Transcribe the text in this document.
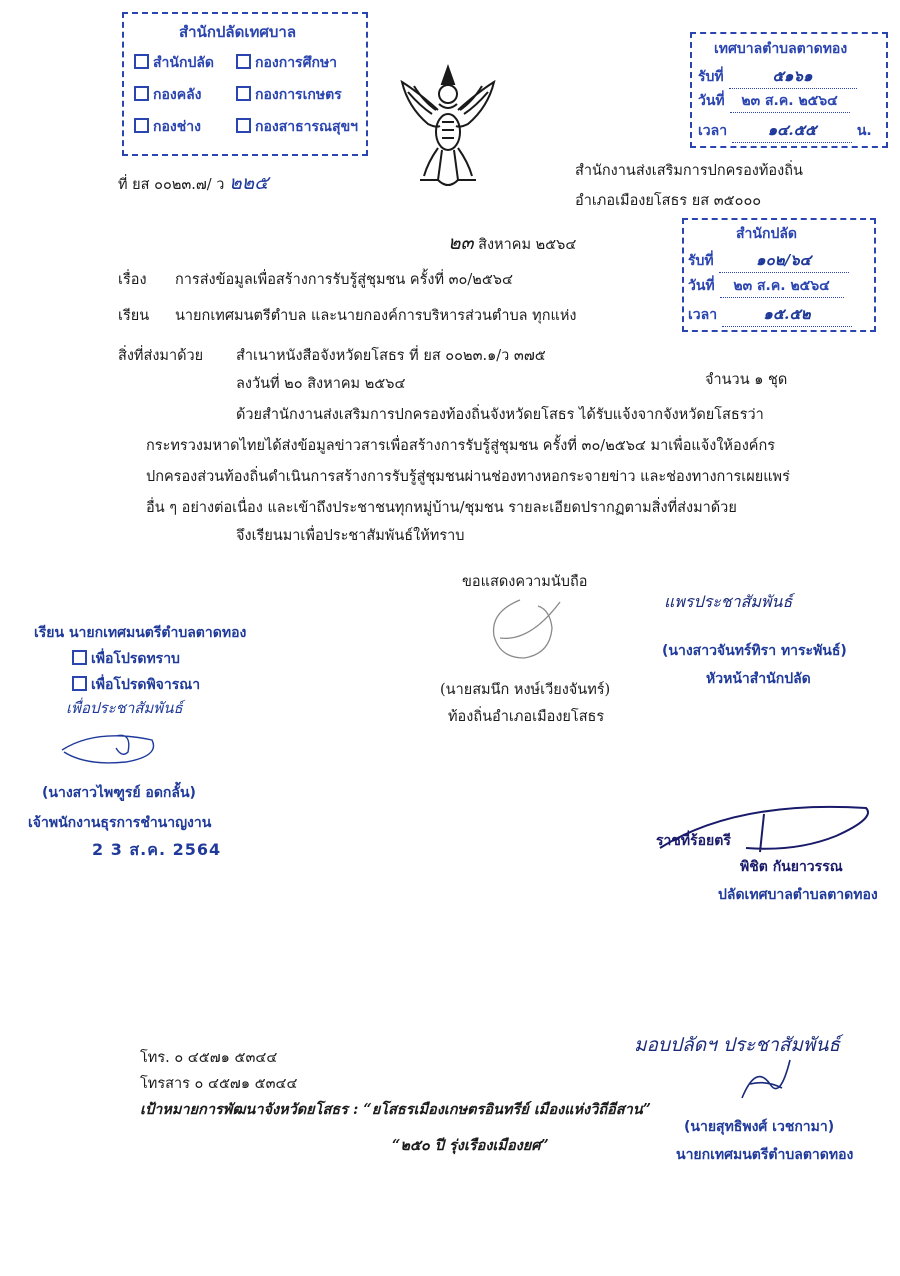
สำนักปลัดเทศบาล
สำนักปลัด	กองการศึกษา
กองคลัง	กองการเกษตร
กองช่าง	กองสาธารณสุขฯ
เทศบาลตำบลตาดทอง
รับที่	๕๑๖๑
วันที่ ๒๓ ส.ค. ๒๕๖๔
เวลา	๑๔.๕๕	น.
ที่ ยส ๐๐๒๓.๗/ ว ๒๒๕
สำนักงานส่งเสริมการปกครองท้องถิ่น
อำเภอเมืองยโสธร ยส ๓๕๐๐๐
๒๓ สิงหาคม ๒๕๖๔
สำนักปลัด
รับที่	๑๐๒/๖๔
วันที่ ๒๓ ส.ค. ๒๕๖๔
เวลา	๑๕.๕๒
เรื่อง การส่งข้อมูลเพื่อสร้างการรับรู้สู่ชุมชน ครั้งที่ ๓๐/๒๕๖๔
เรียน นายกเทศมนตรีตำบล และนายกองค์การบริหารส่วนตำบล ทุกแห่ง
สิ่งที่ส่งมาด้วย สำเนาหนังสือจังหวัดยโสธร ที่ ยส ๐๐๒๓.๑/ว ๓๗๕
ลงวันที่ ๒๐ สิงหาคม ๒๕๖๔	จำนวน ๑ ชุด
ด้วยสำนักงานส่งเสริมการปกครองท้องถิ่นจังหวัดยโสธร ได้รับแจ้งจากจังหวัดยโสธรว่า
กระทรวงมหาดไทยได้ส่งข้อมูลข่าวสารเพื่อสร้างการรับรู้สู่ชุมชน ครั้งที่ ๓๐/๒๕๖๔ มาเพื่อแจ้งให้องค์กร
ปกครองส่วนท้องถิ่นดำเนินการสร้างการรับรู้สู่ชุมชนผ่านช่องทางหอกระจายข่าว และช่องทางการเผยแพร่
อื่น ๆ อย่างต่อเนื่อง และเข้าถึงประชาชนทุกหมู่บ้าน/ชุมชน รายละเอียดปรากฏตามสิ่งที่ส่งมาด้วย
จึงเรียนมาเพื่อประชาสัมพันธ์ให้ทราบ
ขอแสดงความนับถือ
(นายสมนึก หงษ์เวียงจันทร์)
ท้องถิ่นอำเภอเมืองยโสธร
แพรประชาสัมพันธ์
(นางสาวจันทร์ทิรา ทาระพันธ์)
หัวหน้าสำนักปลัด
เรียน นายกเทศมนตรีตำบลตาดทอง
เพื่อโปรดทราบ
เพื่อโปรดพิจารณา
เพื่อประชาสัมพันธ์
(นางสาวไพฑูรย์ อดกลั้น)
เจ้าพนักงานธุรการชำนาญงาน
2 3 ส.ค. 2564	ราชที่ร้อยตรี
พิชิต กันยาวรรณ
ปลัดเทศบาลตำบลตาดทอง
มอบปลัดฯ ประชาสัมพันธ์
(นายสุทธิพงศ์ เวชกามา)
นายกเทศมนตรีตำบลตาดทอง
โทร. ๐ ๔๕๗๑ ๕๓๔๔
โทรสาร ๐ ๔๕๗๑ ๕๓๔๔
เป้าหมายการพัฒนาจังหวัดยโสธร : “ยโสธรเมืองเกษตรอินทรีย์ เมืองแห่งวิถีอีสาน”
“๒๕๐ ปี รุ่งเรืองเมืองยศ”
